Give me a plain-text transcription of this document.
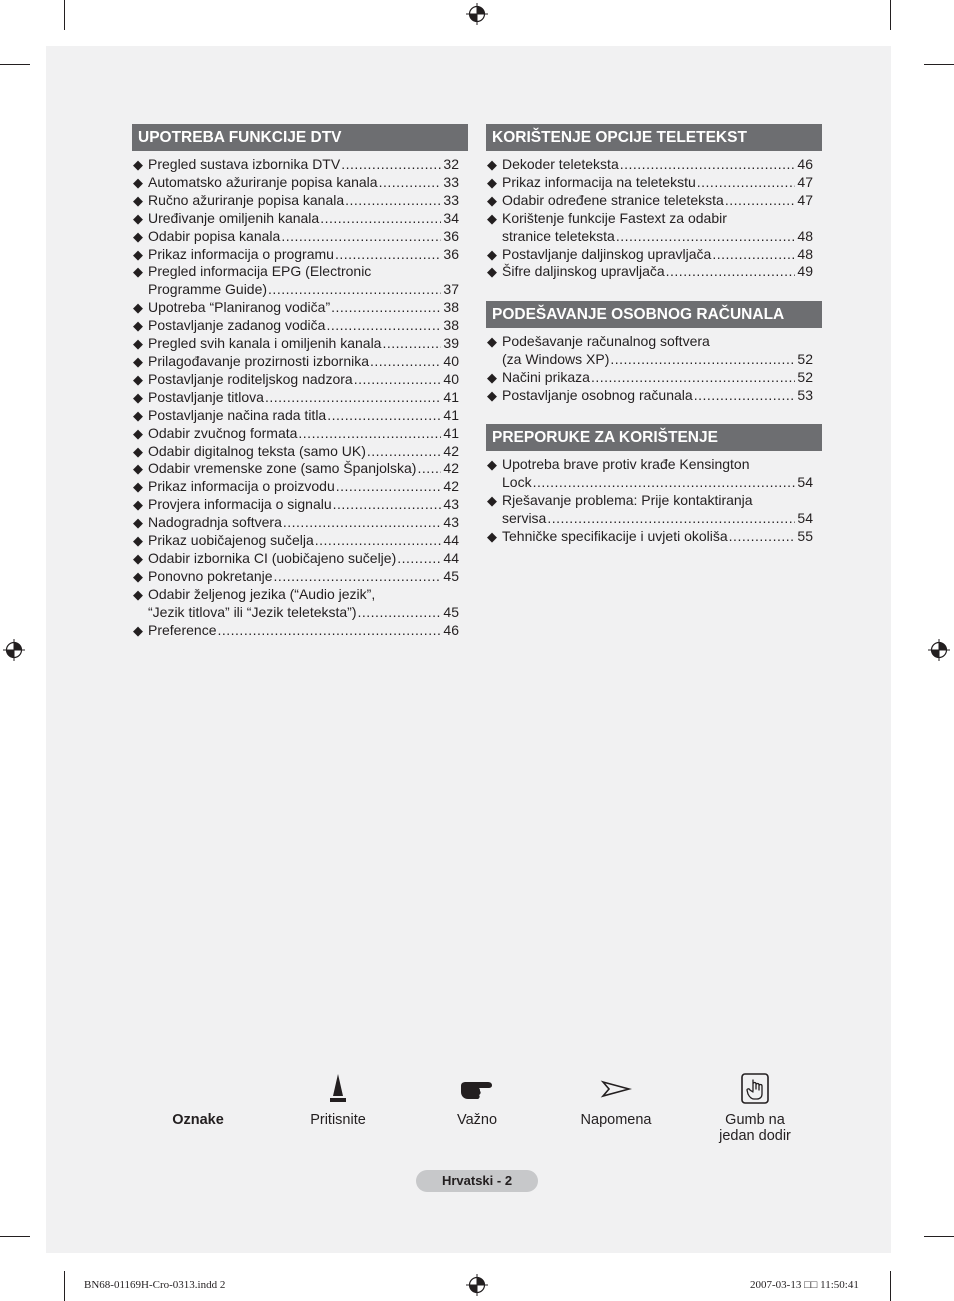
UPOTREBA FUNKCIJE DTV	KORIŠTENJE OPCIJE TELETEKST
PODEŠAVANJE OSOBNOG RAČUNALA
PREPORUKE ZA KORIŠTENJE
◆ Pregled sustava izbornika DTV .....	32
◆ Automatsko ažuriranje popisa kanala .....	33
◆ Ručno ažuriranje popisa kanala .....	33
◆ Uređivanje omiljenih kanala .....	34
◆ Odabir popisa kanala .....	36
◆ Prikaz informacija o programu .....	36
◆ Pregled informacija EPG (Electronic
Programme Guide) .....	37
◆ Upotreba “Planiranog vodiča” .....	38
◆ Postavljanje zadanog vodiča .....	38
◆ Pregled svih kanala i omiljenih kanala .....	39
◆ Prilagođavanje prozirnosti izbornika .....	40
◆ Postavljanje roditeljskog nadzora .....	40
◆ Postavljanje titlova .....	41
◆ Postavljanje načina rada titla .....	41
◆ Odabir zvučnog formata .....	41
◆ Odabir digitalnog teksta (samo UK) .....	42
◆ Odabir vremenske zone (samo Španjolska) ..... 42
◆ Prikaz informacija o proizvodu .....	42
◆ Provjera informacija o signalu .....	43
◆ Nadogradnja softvera .....	43
◆ Prikaz uobičajenog sučelja .....	44
◆ Odabir izbornika CI (uobičajeno sučelje) .....	44
◆ Ponovno pokretanje .....	45
◆ Odabir željenog jezika (“Audio jezik”,
“Jezik titlova” ili “Jezik teleteksta”) .....	45
◆ Preference .....	46
◆ Dekoder teleteksta .....	46
◆ Prikaz informacija na teletekstu .....	47
◆ Odabir određene stranice teleteksta .....	47
◆ Korištenje funkcije Fastext za odabir
stranice teleteksta .....	48
◆ Postavljanje daljinskog upravljača .....	48
◆ Šifre daljinskog upravljača .....	49
◆ Podešavanje računalnog softvera
(za Windows XP) .....	52
◆ Načini prikaza .....	52
◆ Postavljanje osobnog računala .....	53
◆ Upotreba brave protiv krađe Kensington
Lock .....	54
◆ Rješavanje problema: Prije kontaktiranja
servisa .....	54
◆ Tehničke specifikacije i uvjeti okoliša .....	55
Oznake	Pritisnite	Važno	Napomena	Gumb na
jedan dodir
Hrvatski - 2
BN68-01169H-Cro-0313.indd 2	2007-03-13 □□ 11:50:41
